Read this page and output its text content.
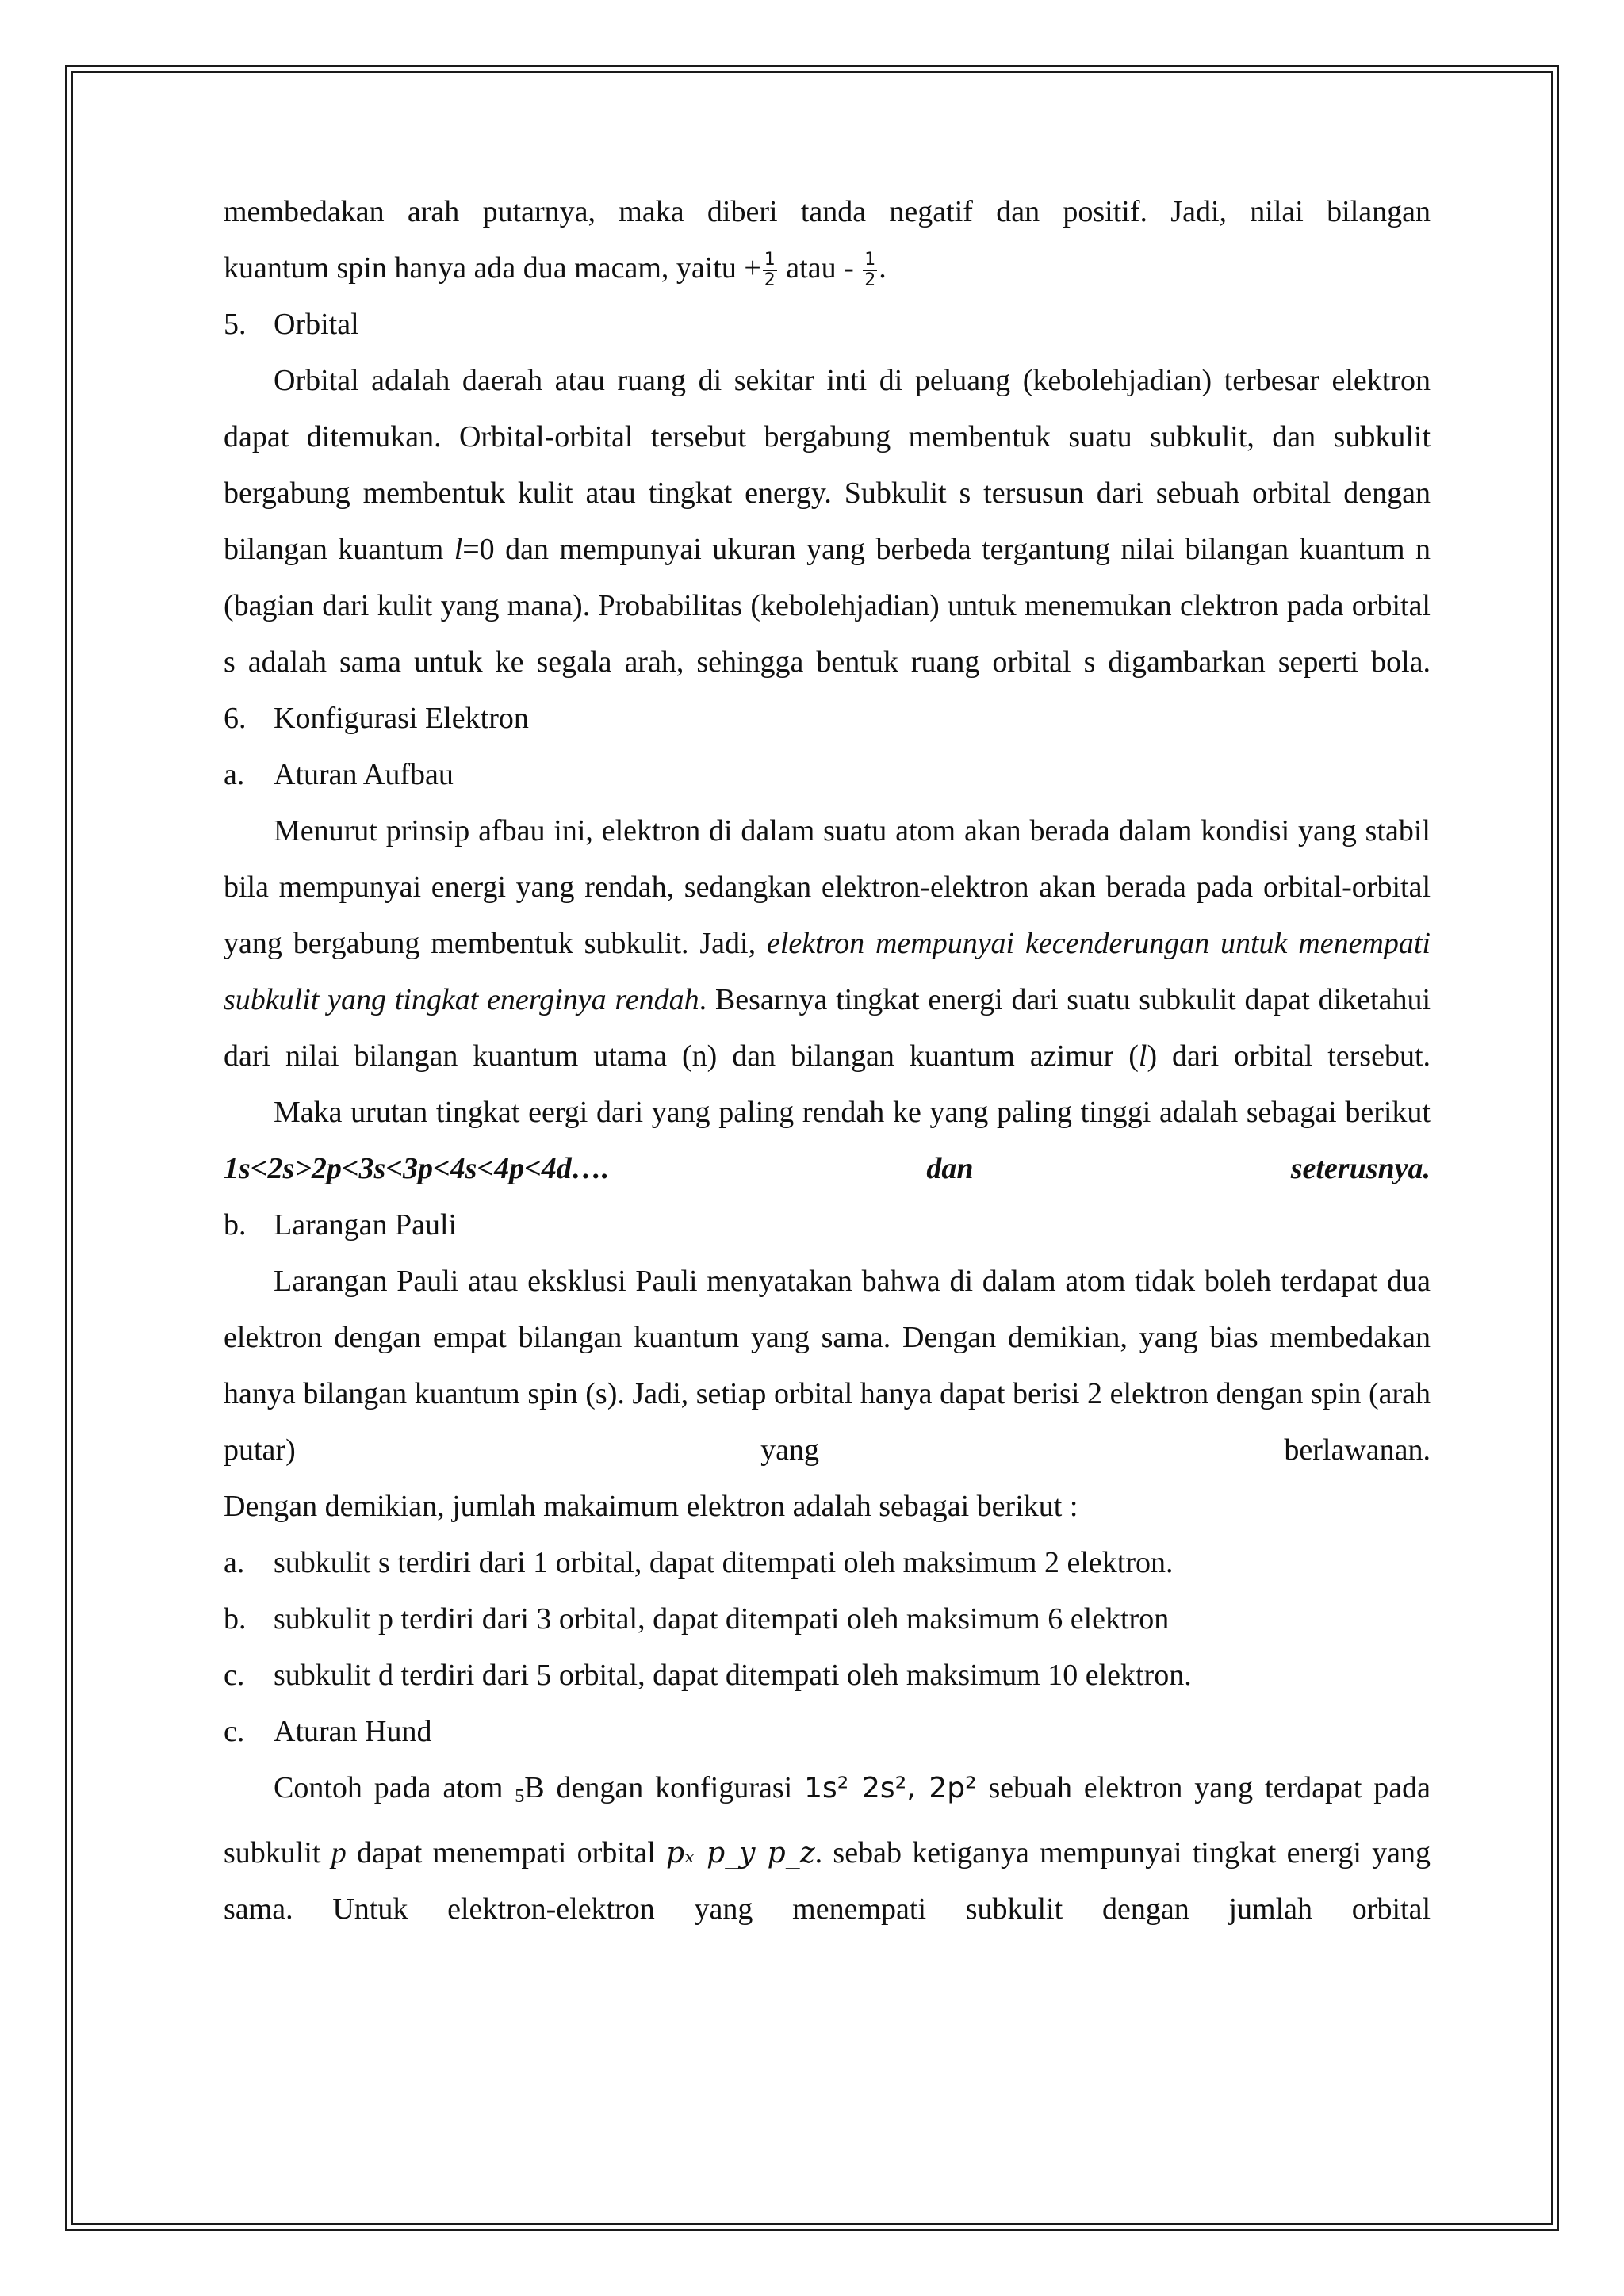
membedakan arah putarnya, maka diberi tanda negatif dan positif. Jadi, nilai bilangan

kuantum spin hanya ada dua macam, yaitu + $\frac{1}{2}$ atau - $\frac{1}{2}$ .

5. Orbital

Orbital adalah daerah atau ruang di sekitar inti di peluang (kebolehjadian) terbesar elektron dapat ditemukan. Orbital-orbital tersebut bergabung membentuk suatu subkulit, dan subkulit bergabung membentuk kulit atau tingkat energy. Subkulit s tersusun dari sebuah orbital dengan bilangan kuantum l=0 dan mempunyai ukuran yang berbeda tergantung nilai bilangan kuantum n (bagian dari kulit yang mana). Probabilitas (kebolehjadian) untuk menemukan clektron pada orbital s adalah sama untuk ke segala arah, sehingga bentuk ruang orbital s digambarkan seperti bola.

6. Konfigurasi Elektron
a. Aturan Aufbau

Menurut prinsip afbau ini, elektron di dalam suatu atom akan berada dalam kondisi yang stabil bila mempunyai energi yang rendah, sedangkan elektron-elektron akan berada pada orbital-orbital yang bergabung membentuk subkulit. Jadi, elektron mempunyai kecenderungan untuk menempati subkulit yang tingkat energinya rendah. Besarnya tingkat energi dari suatu subkulit dapat diketahui dari nilai bilangan kuantum utama (n) dan bilangan kuantum azimur (l) dari orbital tersebut.

Maka urutan tingkat eergi dari yang paling rendah ke yang paling tinggi adalah sebagai berikut 1s<2s>2p<3s<3p<4s<4p<4d…. dan seterusnya.

b. Larangan Pauli

Larangan Pauli atau eksklusi Pauli menyatakan bahwa di dalam atom tidak boleh terdapat dua elektron dengan empat bilangan kuantum yang sama. Dengan demikian, yang bias membedakan hanya bilangan kuantum spin (s). Jadi, setiap orbital hanya dapat berisi 2 elektron dengan spin (arah putar) yang berlawanan.

Dengan demikian, jumlah makaimum elektron adalah sebagai berikut :

a. subkulit s terdiri dari 1 orbital, dapat ditempati oleh maksimum 2 elektron.
b. subkulit p terdiri dari 3 orbital, dapat ditempati oleh maksimum 6 elektron
c. subkulit d terdiri dari 5 orbital, dapat ditempati oleh maksimum 10 elektron.
c. Aturan Hund

Contoh pada atom 5B dengan konfigurasi 1s² 2s², 2p² sebuah elektron yang terdapat pada subkulit p dapat menempati orbital pₓ p_y p_z. sebab ketiganya mempunyai tingkat energi yang sama. Untuk elektron-elektron yang menempati subkulit dengan jumlah orbital
